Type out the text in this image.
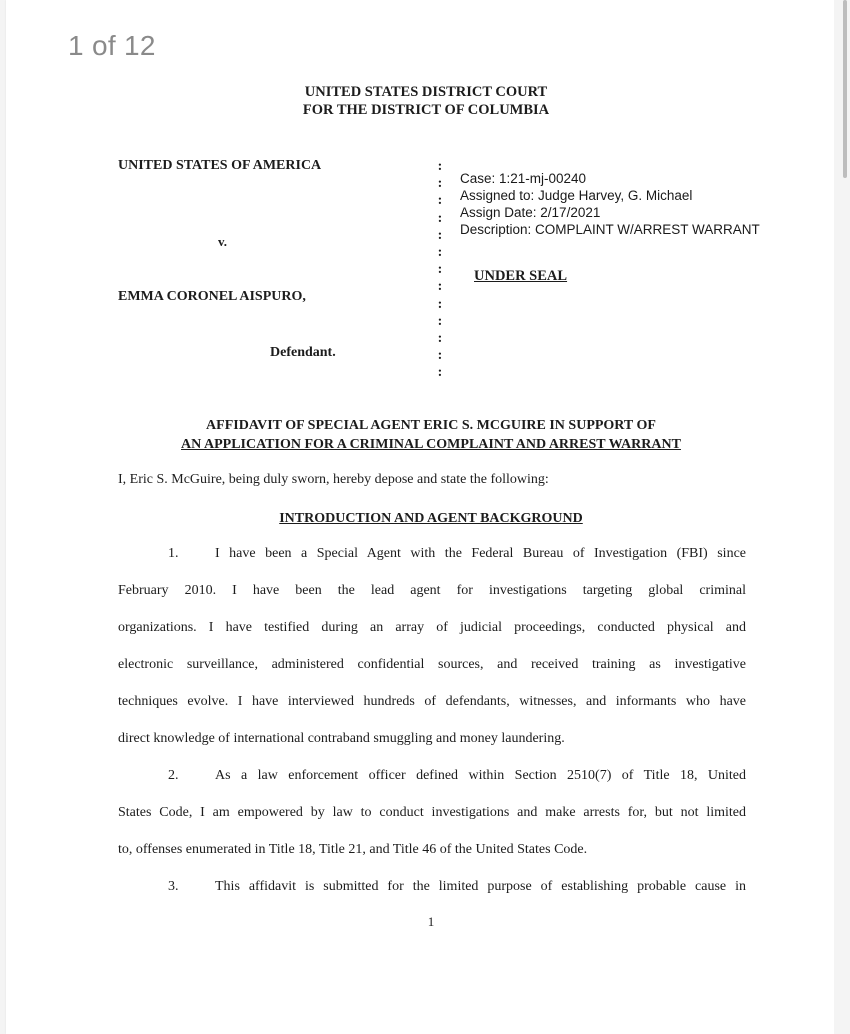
1 of 12
UNITED STATES DISTRICT COURT
FOR THE DISTRICT OF COLUMBIA
UNITED STATES OF AMERICA
v.
EMMA CORONEL AISPURO,
Defendant.
:
:
:
:
:
:
:
:
:
:
:
:
:
Case: 1:21-mj-00240
Assigned to: Judge Harvey, G. Michael
Assign Date: 2/17/2021
Description: COMPLAINT W/ARREST WARRANT
UNDER SEAL
AFFIDAVIT OF SPECIAL AGENT ERIC S. MCGUIRE IN SUPPORT OF
AN APPLICATION FOR A CRIMINAL COMPLAINT AND ARREST WARRANT
I, Eric S. McGuire, being duly sworn, hereby depose and state the following:
INTRODUCTION AND AGENT BACKGROUND
1.	I have been a Special Agent with the Federal Bureau of Investigation (FBI) since
February 2010. I have been the lead agent for investigations targeting global criminal
organizations. I have testified during an array of judicial proceedings, conducted physical and
electronic surveillance, administered confidential sources, and received training as investigative
techniques evolve. I have interviewed hundreds of defendants, witnesses, and informants who have
direct knowledge of international contraband smuggling and money laundering.
2.	As a law enforcement officer defined within Section 2510(7) of Title 18, United
States Code, I am empowered by law to conduct investigations and make arrests for, but not limited
to, offenses enumerated in Title 18, Title 21, and Title 46 of the United States Code.
3.	This affidavit is submitted for the limited purpose of establishing probable cause in
1
